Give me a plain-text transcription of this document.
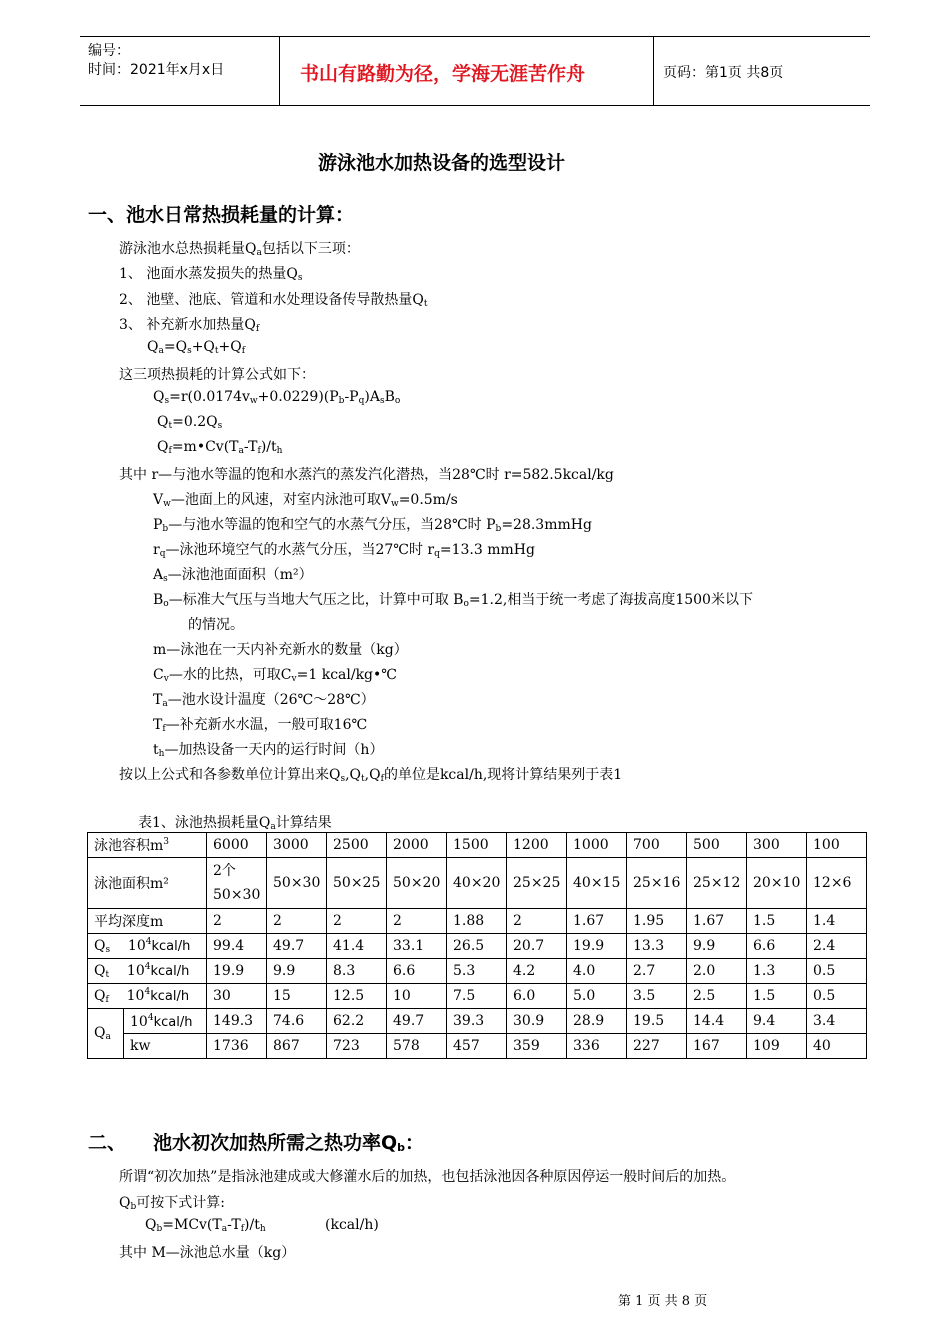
编号：
时间：2021年x月x日	书山有路勤为径，学海无涯苦作舟	页码：第1页 共8页
游泳池水加热设备的选型设计
一、池水日常热损耗量的计算：
游泳池水总热损耗量$Q_a$包括以下三项：
1、 池面水蒸发损失的热量$Q_s$
2、 池壁、池底、管道和水处理设备传导散热量$Q_t$
3、 补充新水加热量$Q_f$
$Q_a=Q_s+Q_t+Q_f$
这三项热损耗的计算公式如下：
$Q_s=r(0.0174v_w+0.0229)(P_b-P_q)A_sB_o$
$Q_t=0.2Q_s$
$Q_f=m•Cv(T_a-T_f)/t_h$
其中 r—与池水等温的饱和水蒸汽的蒸发汽化潜热，当28℃时 r=582.5kcal/kg
$V_w—$池面上的风速，对室内泳池可取$V_w=0.5m/s$
$P_b—$与池水等温的饱和空气的水蒸气分压，当28℃时 $P_b=28.3mmHg$
$r_q—$泳池环境空气的水蒸气分压，当27℃时 $r_q=13.3$ mmHg
$A_s—$泳池池面面积（m²）
$B_o—$标准大气压与当地大气压之比，计算中可取 $B_o=1.2$,相当于统一考虑了海拔高度1500米以下
的情况。
m—泳池在一天内补充新水的数量（kg）
$C_v—$水的比热，可取$C_v=1$ kcal/kg•℃
$T_a—$池水设计温度（26℃～28℃）
$T_f—$补充新水水温，一般可取16℃
$t_h—$加热设备一天内的运行时间（h）
按以上公式和各参数单位计算出来$Q_s,Q_t,Q_f$的单位是kcal/h,现将计算结果列于表1
表1、泳池热损耗量$Q_a$计算结果
泳池容积$m^3$		6000	3000	2500	2000	1500	1200	1000	700	500	300	100
泳池面积m²		2个
50×30	50×30	50×25	50×20	40×20	25×25	40×15	25×16	25×12	20×10	12×6
平均深度m		2	2	2	2	1.88	2	1.67	1.95	1.67	1.5	1.4
$Q_s$ $10^4kcal/h$		99.4	49.7	41.4	33.1	26.5	20.7	19.9	13.3	9.9	6.6	2.4
$Q_t$ $10^4kcal/h$		19.9	9.9	8.3	6.6	5.3	4.2	4.0	2.7	2.0	1.3	0.5
$Q_f$ $10^4kcal/h$		30	15	12.5	10	7.5	6.0	5.0	3.5	2.5	1.5	0.5
$Q_a$	$10^4kcal/h$	149.3	74.6	62.2	49.7	39.3	30.9	28.9	19.5	14.4	9.4	3.4
	kw	1736	867	723	578	457	359	336	227	167	109	40
二、 池水初次加热所需之热功率$Q_b$：
所谓“初次加热”是指泳池建成或大修灌水后的加热，也包括泳池因各种原因停运一般时间后的加热。
$Q_b$可按下式计算:
$Q_b=MCv(T_a-T_f)/t_h$	(kcal/h)
其中 M—泳池总水量（kg）
第 1 页 共 8 页
